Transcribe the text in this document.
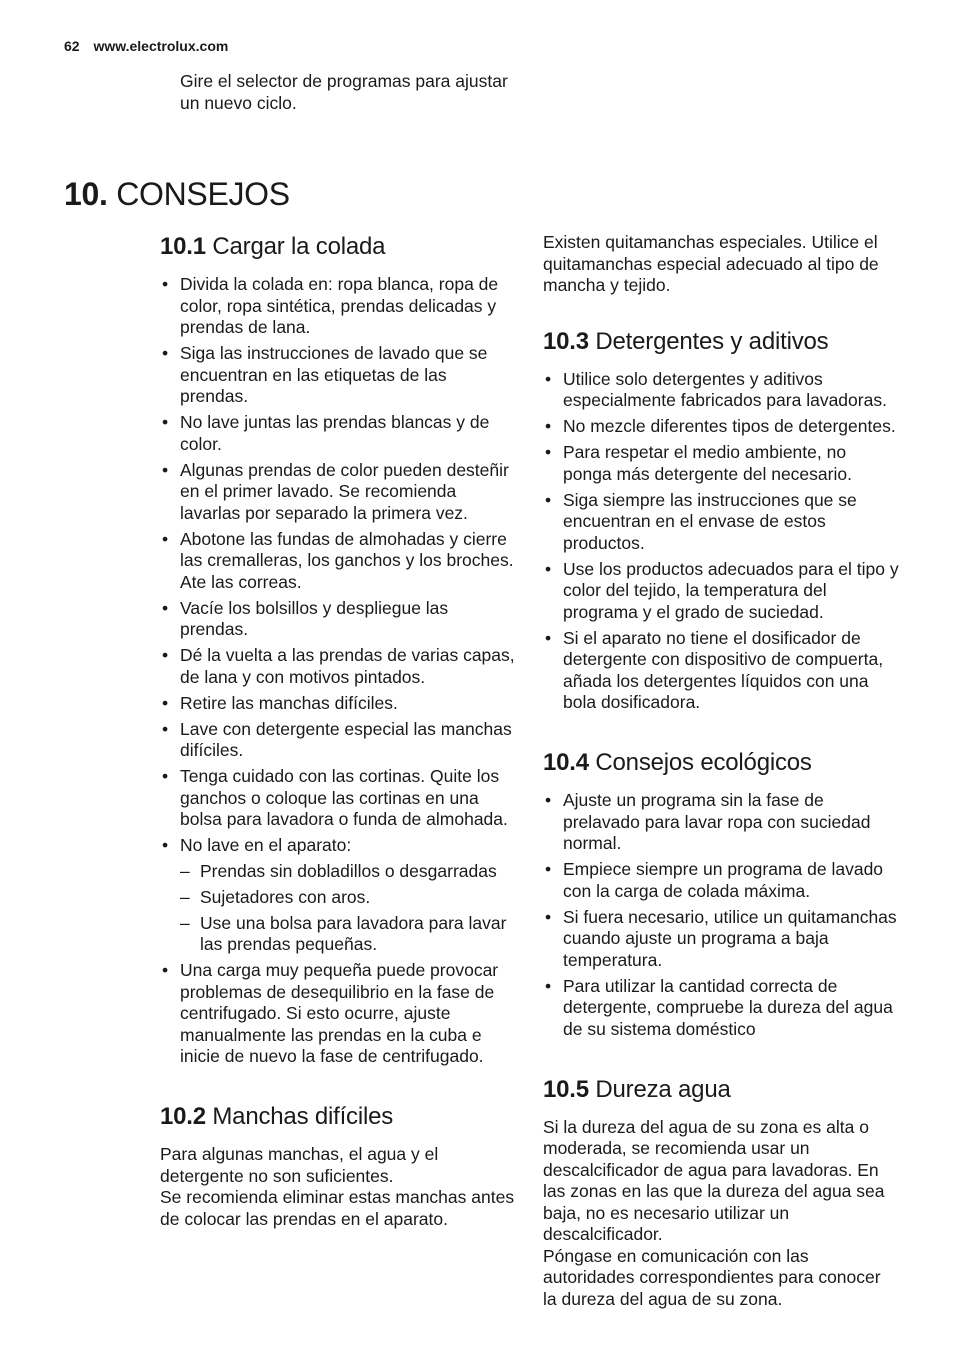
62 www.electrolux.com

Gire el selector de programas para ajustar un nuevo ciclo.

10. CONSEJOS
10.1 Cargar la colada
• Divida la colada en: ropa blanca, ropa de color, ropa sintética, prendas delicadas y prendas de lana.
• Siga las instrucciones de lavado que se encuentran en las etiquetas de las prendas.
• No lave juntas las prendas blancas y de color.
• Algunas prendas de color pueden desteñir en el primer lavado. Se recomienda lavarlas por separado la primera vez.
• Abotone las fundas de almohadas y cierre las cremalleras, los ganchos y los broches. Ate las correas.
• Vacíe los bolsillos y despliegue las prendas.
• Dé la vuelta a las prendas de varias capas, de lana y con motivos pintados.
• Retire las manchas difíciles.
• Lave con detergente especial las manchas difíciles.
• Tenga cuidado con las cortinas. Quite los ganchos o coloque las cortinas en una bolsa para lavadora o funda de almohada.
• No lave en el aparato:
– Prendas sin dobladillos o desgarradas
– Sujetadores con aros.
– Use una bolsa para lavadora para lavar las prendas pequeñas.
• Una carga muy pequeña puede provocar problemas de desequilibrio en la fase de centrifugado. Si esto ocurre, ajuste manualmente las prendas en la cuba e inicie de nuevo la fase de centrifugado.
10.2 Manchas difíciles

Para algunas manchas, el agua y el detergente no son suficientes.

Se recomienda eliminar estas manchas antes de colocar las prendas en el aparato.

Existen quitamanchas especiales. Utilice el quitamanchas especial adecuado al tipo de mancha y tejido.

10.3 Detergentes y aditivos
• Utilice solo detergentes y aditivos especialmente fabricados para lavadoras.
• No mezcle diferentes tipos de detergentes.
• Para respetar el medio ambiente, no ponga más detergente del necesario.
• Siga siempre las instrucciones que se encuentran en el envase de estos productos.
• Use los productos adecuados para el tipo y color del tejido, la temperatura del programa y el grado de suciedad.
• Si el aparato no tiene el dosificador de detergente con dispositivo de compuerta, añada los detergentes líquidos con una bola dosificadora.
10.4 Consejos ecológicos
• Ajuste un programa sin la fase de prelavado para lavar ropa con suciedad normal.
• Empiece siempre un programa de lavado con la carga de colada máxima.
• Si fuera necesario, utilice un quitamanchas cuando ajuste un programa a baja temperatura.
• Para utilizar la cantidad correcta de detergente, compruebe la dureza del agua de su sistema doméstico
10.5 Dureza agua

Si la dureza del agua de su zona es alta o moderada, se recomienda usar un descalcificador de agua para lavadoras. En las zonas en las que la dureza del agua sea baja, no es necesario utilizar un descalcificador.

Póngase en comunicación con las autoridades correspondientes para conocer la dureza del agua de su zona.
